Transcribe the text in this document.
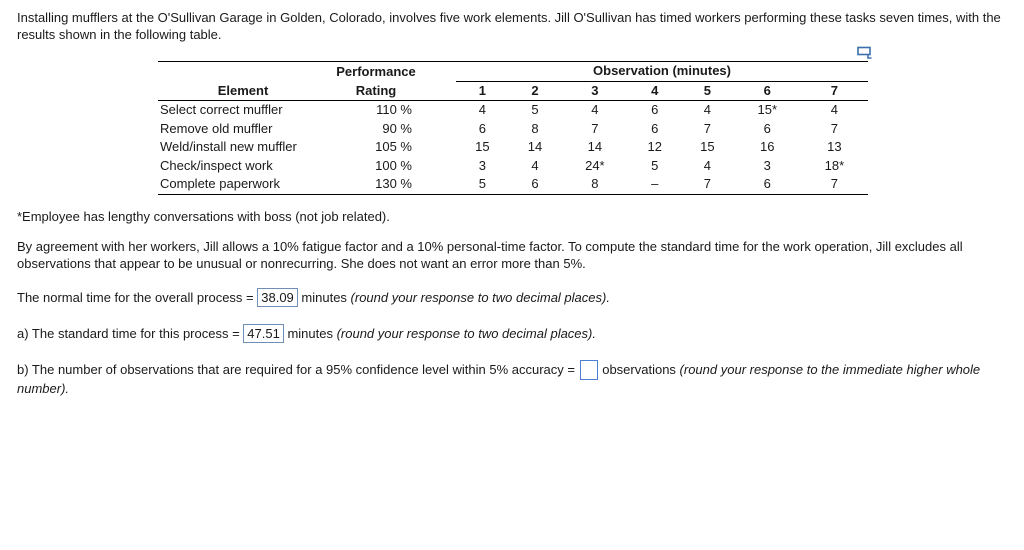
Installing mufflers at the O'Sullivan Garage in Golden, Colorado, involves five work elements. Jill O'Sullivan has timed workers performing these tasks seven times, with the results shown in the following table.

	Performance		Observation (minutes)						
Element	Rating		1	2	3	4	5	6	7
Select correct muffler	110 %		4	5	4	6	4	15*	4
Remove old muffler	90 %		6	8	7	6	7	6	7
Weld/install new muffler	105 %		15	14	14	12	15	16	13
Check/inspect work	100 %		3	4	24*	5	4	3	18*
Complete paperwork	130 %		5	6	8	–	7	6	7

*Employee has lengthy conversations with boss (not job related).

By agreement with her workers, Jill allows a 10% fatigue factor and a 10% personal-time factor. To compute the standard time for the work operation, Jill excludes all observations that appear to be unusual or nonrecurring. She does not want an error more than 5%.

The normal time for the overall process = 38.09 minutes (round your response to two decimal places).

a) The standard time for this process = 47.51 minutes (round your response to two decimal places).

b) The number of observations that are required for a 95% confidence level within 5% accuracy =  observations (round your response to the immediate higher whole number).
